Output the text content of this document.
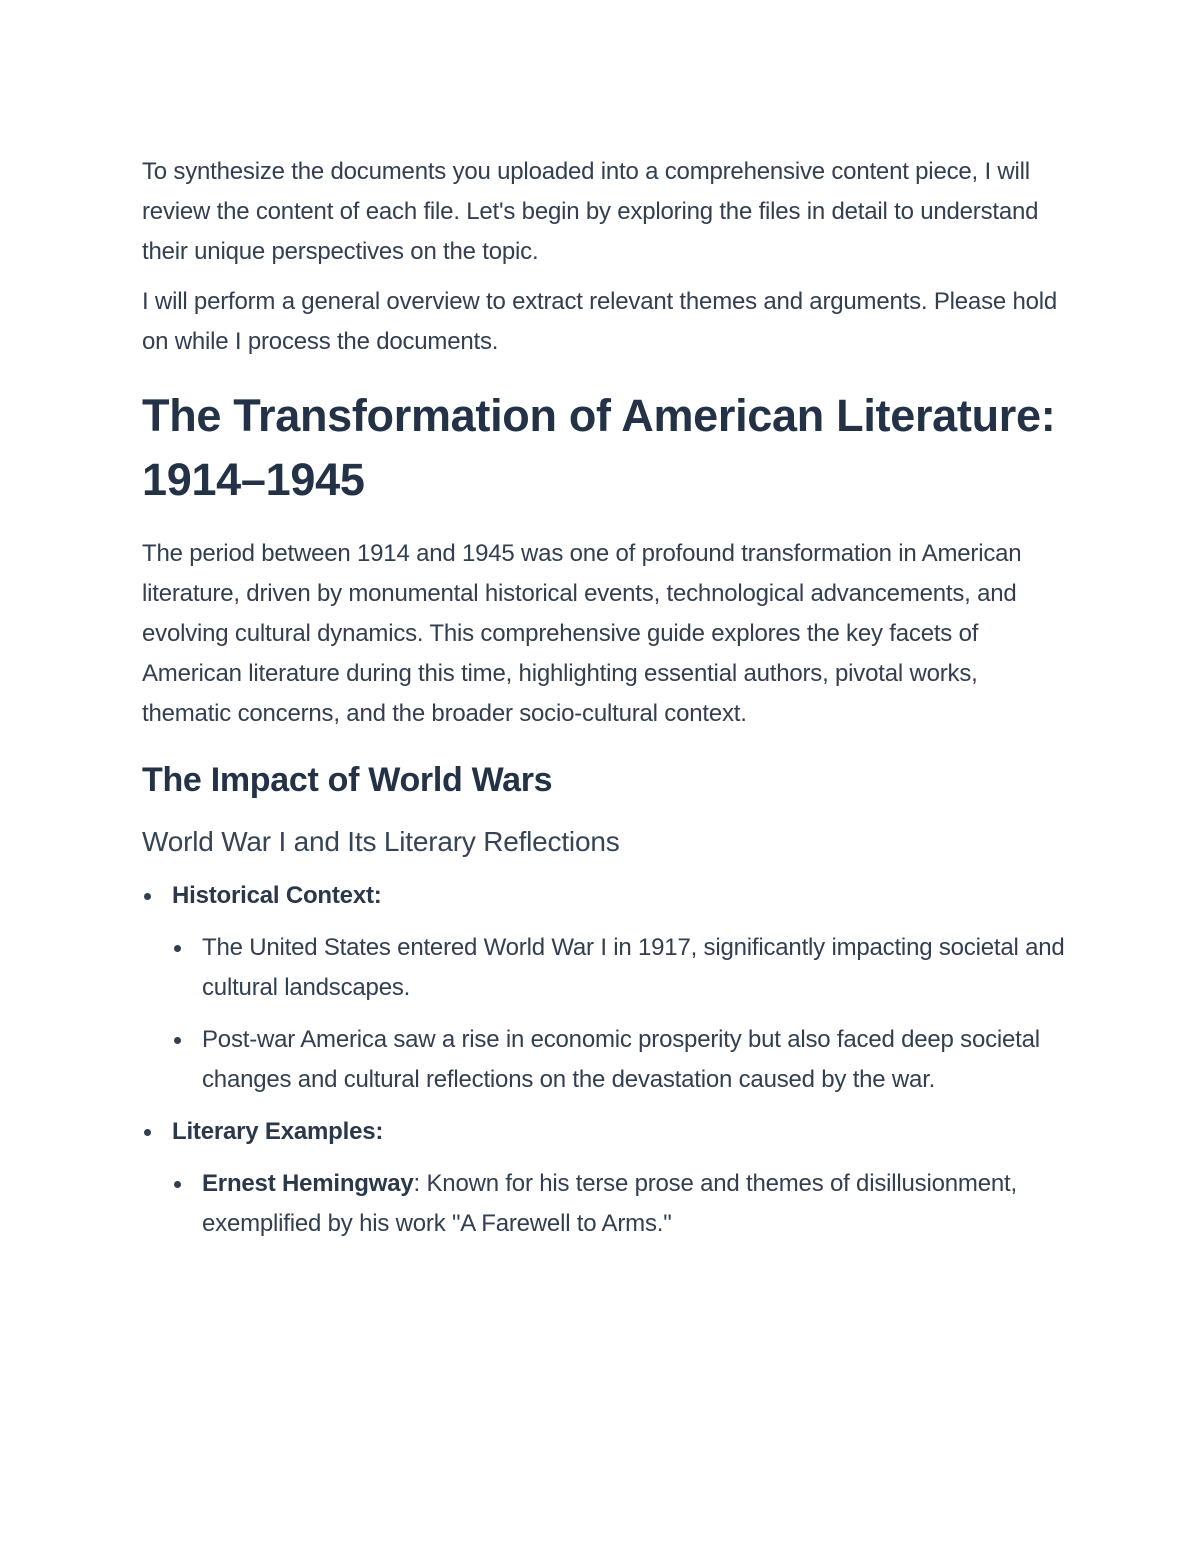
To synthesize the documents you uploaded into a comprehensive content piece, I will review the content of each file. Let's begin by exploring the files in detail to understand their unique perspectives on the topic.

I will perform a general overview to extract relevant themes and arguments. Please hold on while I process the documents.

The Transformation of American Literature: 1914–1945

The period between 1914 and 1945 was one of profound transformation in American literature, driven by monumental historical events, technological advancements, and evolving cultural dynamics. This comprehensive guide explores the key facets of American literature during this time, highlighting essential authors, pivotal works, thematic concerns, and the broader socio-cultural context.

The Impact of World Wars
World War I and Its Literary Reflections
Historical Context:
The United States entered World War I in 1917, significantly impacting societal and cultural landscapes.
Post-war America saw a rise in economic prosperity but also faced deep societal changes and cultural reflections on the devastation caused by the war.
Literary Examples:
Ernest Hemingway: Known for his terse prose and themes of disillusionment, exemplified by his work "A Farewell to Arms."
